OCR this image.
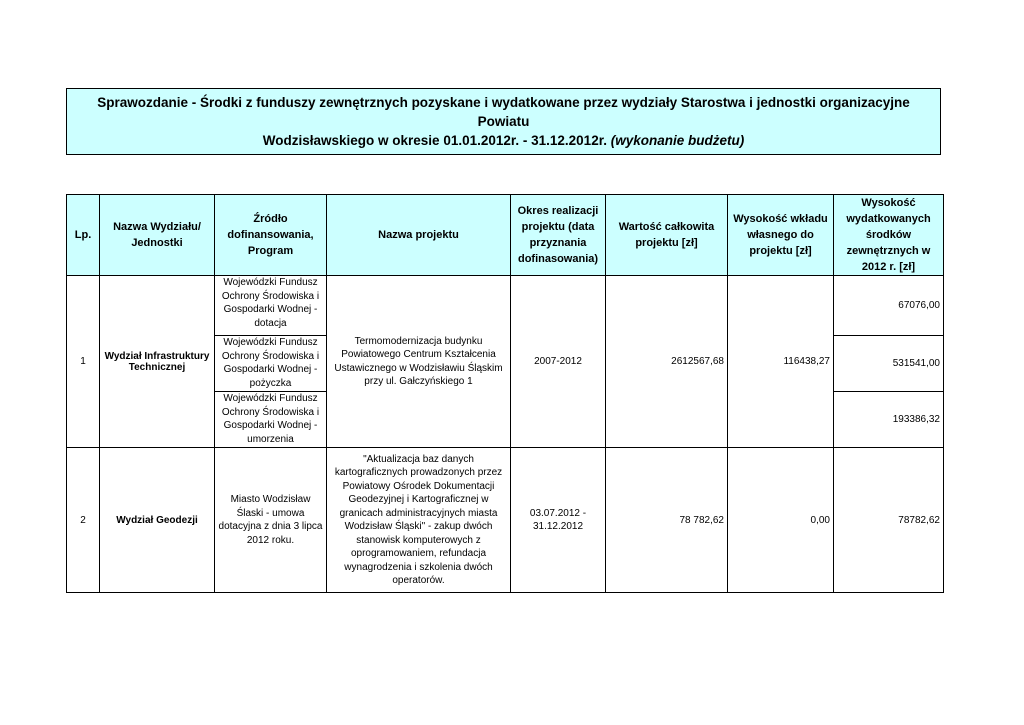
Sprawozdanie - Środki z funduszy zewnętrznych pozyskane i wydatkowane przez wydziały Starostwa i jednostki organizacyjne Powiatu
Wodzisławskiego w okresie 01.01.2012r. - 31.12.2012r. (wykonanie budżetu)
Lp.	Nazwa Wydziału/ Jednostki	Źródło dofinansowania, Program	Nazwa projektu	Okres realizacji projektu (data przyznania dofinasowania)	Wartość całkowita projektu [zł]	Wysokość wkładu własnego do projektu [zł]	Wysokość wydatkowanych środków zewnętrznych w 2012 r. [zł]
1	Wydział Infrastruktury Technicznej	Wojewódzki Fundusz Ochrony Środowiska i Gospodarki Wodnej - dotacja	Termomodernizacja budynku Powiatowego Centrum Kształcenia Ustawicznego w Wodzisławiu Śląskim przy ul. Gałczyńskiego 1	2007-2012	2612567,68	116438,27	67076,00
		Wojewódzki Fundusz Ochrony Środowiska i Gospodarki Wodnej - pożyczka					531541,00
		Wojewódzki Fundusz Ochrony Środowiska i Gospodarki Wodnej - umorzenia					193386,32
2	Wydział Geodezji	Miasto Wodzisław Ślaski - umowa dotacyjna z dnia 3 lipca 2012 roku.	"Aktualizacja baz danych kartograficznych prowadzonych przez Powiatowy Ośrodek Dokumentacji Geodezyjnej i Kartograficznej w granicach administracyjnych miasta Wodzisław Śląski" - zakup dwóch stanowisk komputerowych z oprogramowaniem, refundacja wynagrodzenia i szkolenia dwóch operatorów.	03.07.2012 - 31.12.2012	78 782,62	0,00	78782,62
